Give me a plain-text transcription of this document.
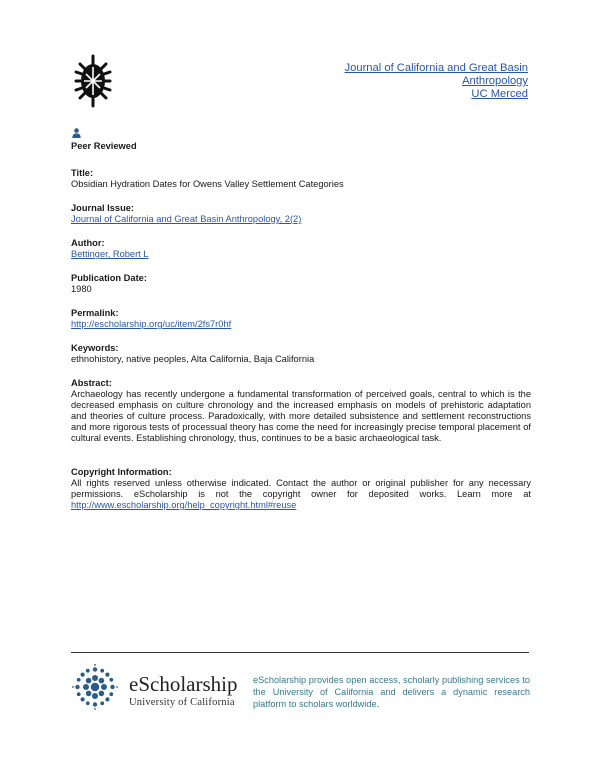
Journal of California and Great Basin
Anthropology
UC Merced
Peer Reviewed
Title:
Obsidian Hydration Dates for Owens Valley Settlement Categories
Journal Issue:
Journal of California and Great Basin Anthropology, 2(2)
Author:
Bettinger, Robert L
Publication Date:
1980
Permalink:
http://escholarship.org/uc/item/2fs7r0hf
Keywords:
ethnohistory, native peoples, Alta California, Baja California
Abstract:
Archaeology has recently undergone a fundamental transformation of perceived goals, central to which is the decreased emphasis on culture chronology and the increased emphasis on models of prehistoric adaptation and theories of culture process. Paradoxically, with more detailed subsistence and settlement reconstructions and more rigorous tests of processual theory has come the need for increasingly precise temporal placement of cultural events. Establishing chronology, thus, continues to be a basic archaeological task.
Copyright Information:
All rights reserved unless otherwise indicated. Contact the author or original publisher for any necessary permissions. eScholarship is not the copyright owner for deposited works. Learn more at http://www.escholarship.org/help_copyright.html#reuse
eScholarship
University of California
eScholarship provides open access, scholarly publishing services to the University of California and delivers a dynamic research platform to scholars worldwide.
